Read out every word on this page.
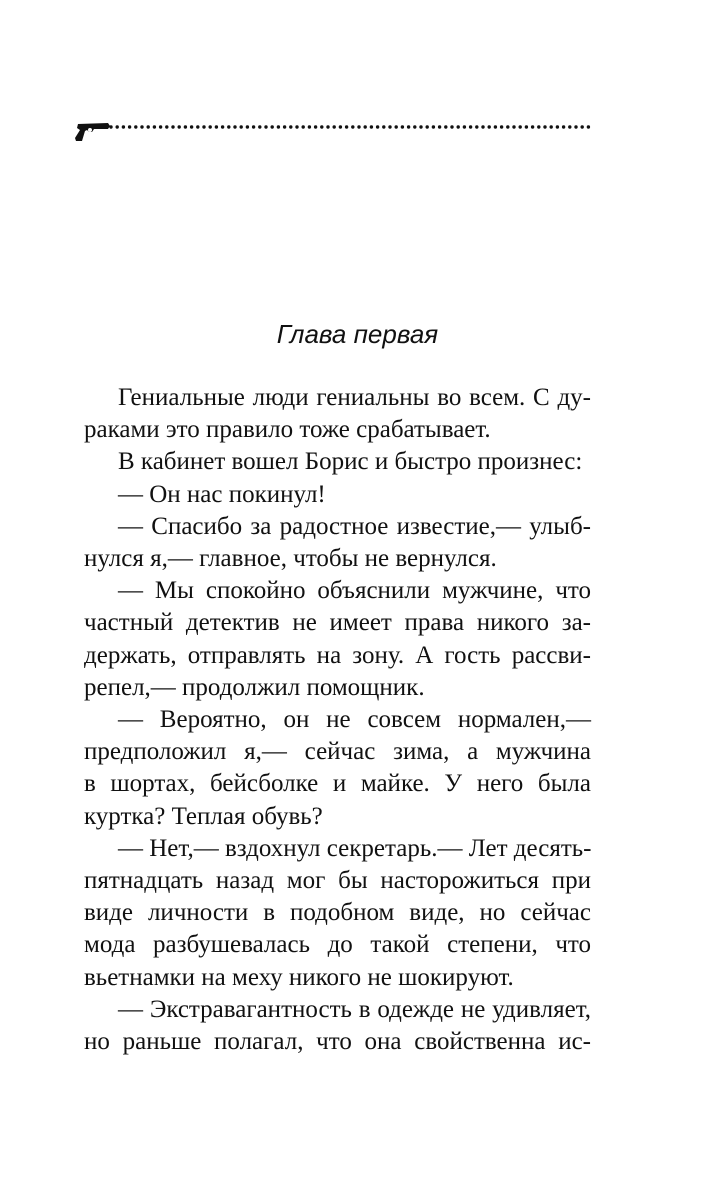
Глава первая
Гениальные люди гениальны во всем. С ду-
раками это правило тоже срабатывает.
В кабинет вошел Борис и быстро произнес:
— Он нас покинул!
— Спасибо за радостное известие,— улыб-
нулся я,— главное, чтобы не вернулся.
— Мы спокойно объяснили мужчине, что
частный детектив не имеет права никого за-
держать, отправлять на зону. А гость рассви-
репел,— продолжил помощник.
— Вероятно, он не совсем нормален,—
предположил я,— сейчас зима, а мужчина
в шортах, бейсболке и майке. У него была
куртка? Теплая обувь?
— Нет,— вздохнул секретарь.— Лет десять-
пятнадцать назад мог бы насторожиться при
виде личности в подобном виде, но сейчас
мода разбушевалась до такой степени, что
вьетнамки на меху никого не шокируют.
— Экстравагантность в одежде не удивляет,
но раньше полагал, что она свойственна ис-
